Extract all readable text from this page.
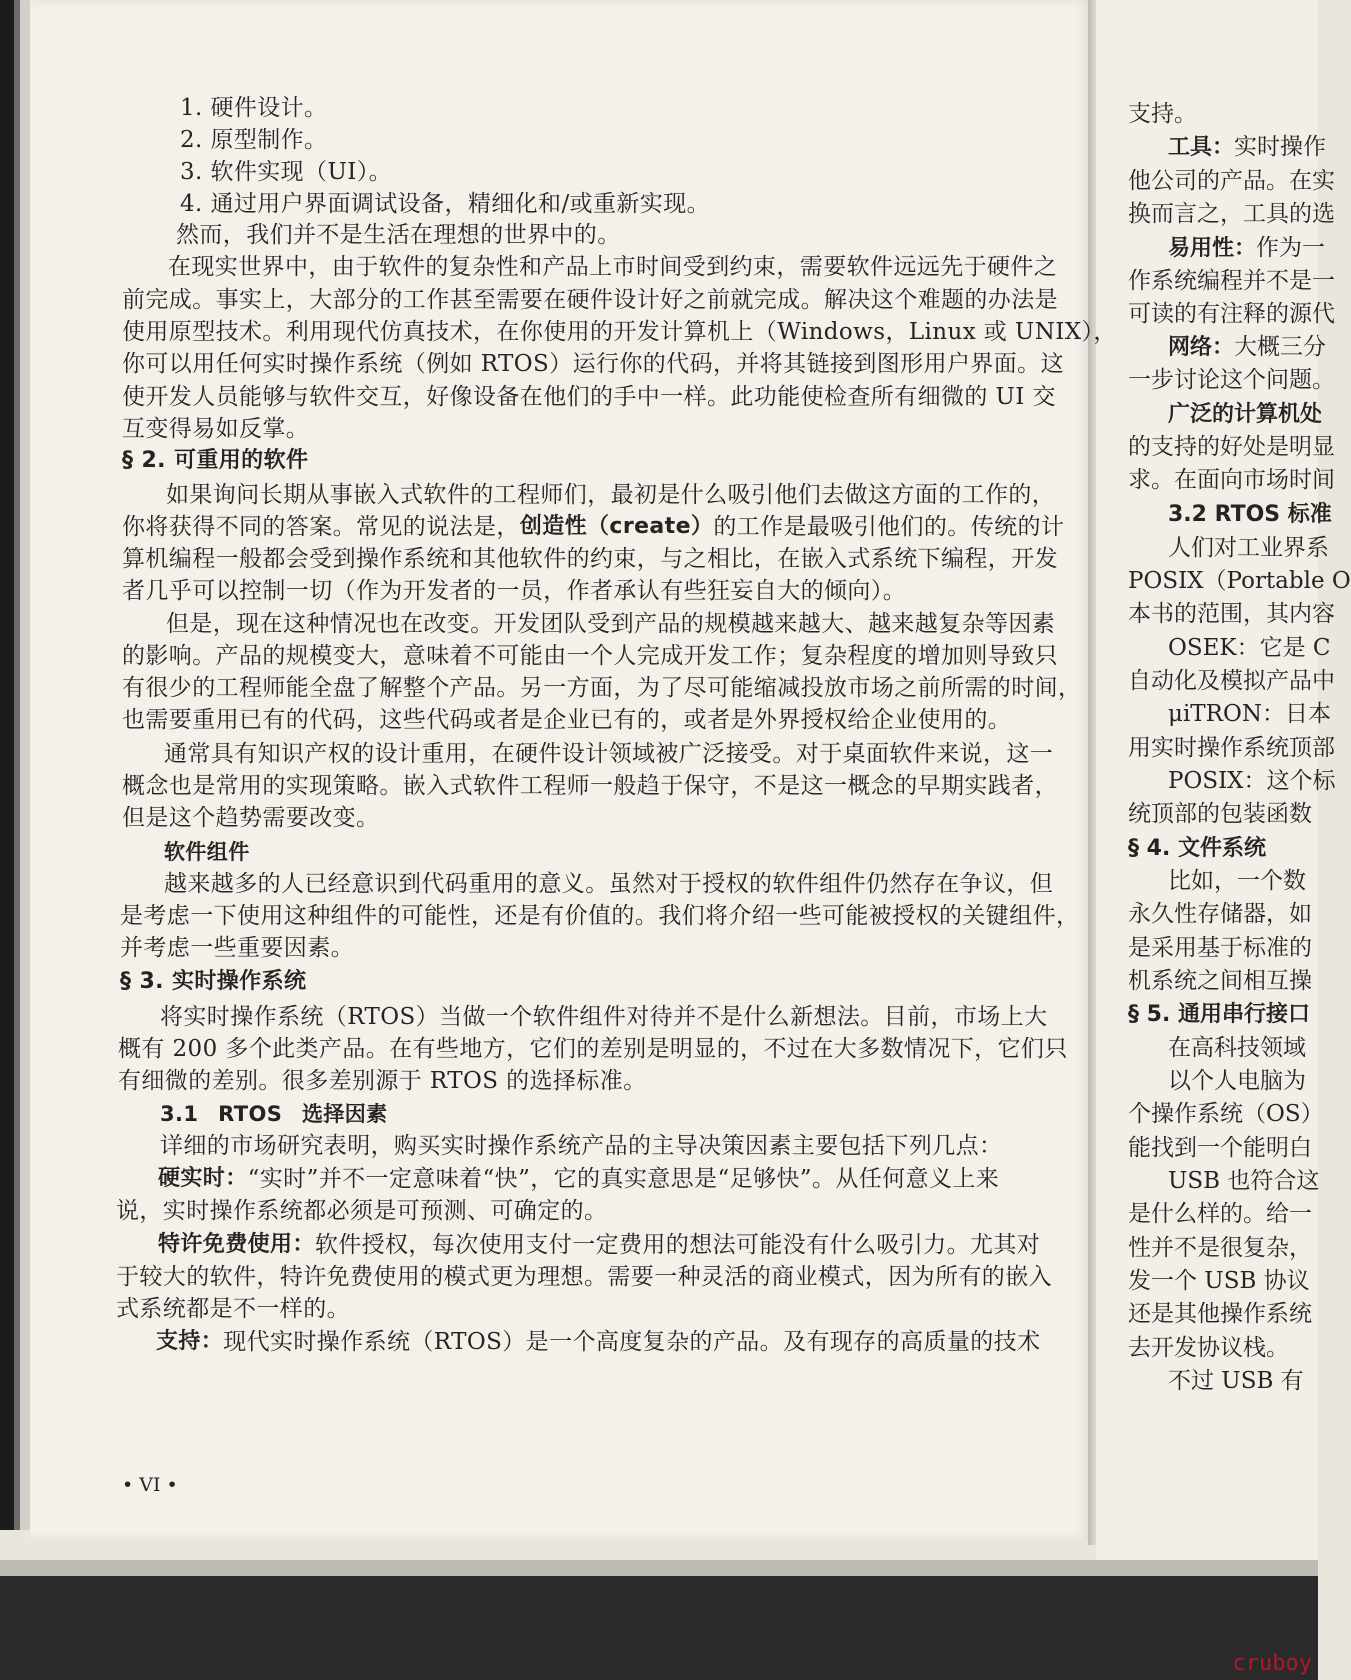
1. 硬件设计。
2. 原型制作。
3. 软件实现（UI）。
4. 通过用户界面调试设备，精细化和/或重新实现。
然而，我们并不是生活在理想的世界中的。
在现实世界中，由于软件的复杂性和产品上市时间受到约束，需要软件远远先于硬件之
前完成。事实上，大部分的工作甚至需要在硬件设计好之前就完成。解决这个难题的办法是
使用原型技术。利用现代仿真技术，在你使用的开发计算机上（Windows，Linux 或 UNIX），
你可以用任何实时操作系统（例如 RTOS）运行你的代码，并将其链接到图形用户界面。这
使开发人员能够与软件交互，好像设备在他们的手中一样。此功能使检查所有细微的 UI 交
互变得易如反掌。
§ 2. 可重用的软件
如果询问长期从事嵌入式软件的工程师们，最初是什么吸引他们去做这方面的工作的，
你将获得不同的答案。常见的说法是， 创造性（create） 的工作是最吸引他们的。传统的计
算机编程一般都会受到操作系统和其他软件的约束，与之相比，在嵌入式系统下编程，开发
者几乎可以控制一切（作为开发者的一员，作者承认有些狂妄自大的倾向）。
但是，现在这种情况也在改变。开发团队受到产品的规模越来越大、越来越复杂等因素
的影响。产品的规模变大，意味着不可能由一个人完成开发工作；复杂程度的增加则导致只
有很少的工程师能全盘了解整个产品。另一方面，为了尽可能缩减投放市场之前所需的时间，
也需要重用已有的代码，这些代码或者是企业已有的，或者是外界授权给企业使用的。
通常具有知识产权的设计重用，在硬件设计领域被广泛接受。对于桌面软件来说，这一
概念也是常用的实现策略。嵌入式软件工程师一般趋于保守，不是这一概念的早期实践者，
但是这个趋势需要改变。
软件组件
越来越多的人已经意识到代码重用的意义。虽然对于授权的软件组件仍然存在争议，但
是考虑一下使用这种组件的可能性，还是有价值的。我们将介绍一些可能被授权的关键组件，
并考虑一些重要因素。
§ 3. 实时操作系统
将实时操作系统（RTOS）当做一个软件组件对待并不是什么新想法。目前，市场上大
概有 200 多个此类产品。在有些地方，它们的差别是明显的，不过在大多数情况下，它们只
有细微的差别。很多差别源于 RTOS 的选择标准。
3.1 RTOS 选择因素
详细的市场研究表明，购买实时操作系统产品的主导决策因素主要包括下列几点：
硬实时： “实时”并不一定意味着“快”，它的真实意思是“足够快”。从任何意义上来
说，实时操作系统都必须是可预测、可确定的。
特许免费使用： 软件授权，每次使用支付一定费用的想法可能没有什么吸引力。尤其对
于较大的软件，特许免费使用的模式更为理想。需要一种灵活的商业模式，因为所有的嵌入
式系统都是不一样的。
支持： 现代实时操作系统（RTOS）是一个高度复杂的产品。及有现存的高质量的技术
• VI •
支持。
工具：实时操作
他公司的产品。在实
换而言之，工具的选
易用性：作为一
作系统编程并不是一
可读的有注释的源代
网络：大概三分
一步讨论这个问题。
广泛的计算机处
的支持的好处是明显
求。在面向市场时间
3.2 RTOS 标准
人们对工业界系
POSIX（Portable O
本书的范围，其内容
OSEK：它是 C
自动化及模拟产品中
μiTRON：日本
用实时操作系统顶部
POSIX：这个标
统顶部的包装函数
§ 4. 文件系统
比如，一个数
永久性存储器，如
是采用基于标准的
机系统之间相互操
§ 5. 通用串行接口
在高科技领域
以个人电脑为
个操作系统（OS）
能找到一个能明白
USB 也符合这
是什么样的。给一
性并不是很复杂，
发一个 USB 协议
还是其他操作系统
去开发协议栈。
不过 USB 有
cruboy
